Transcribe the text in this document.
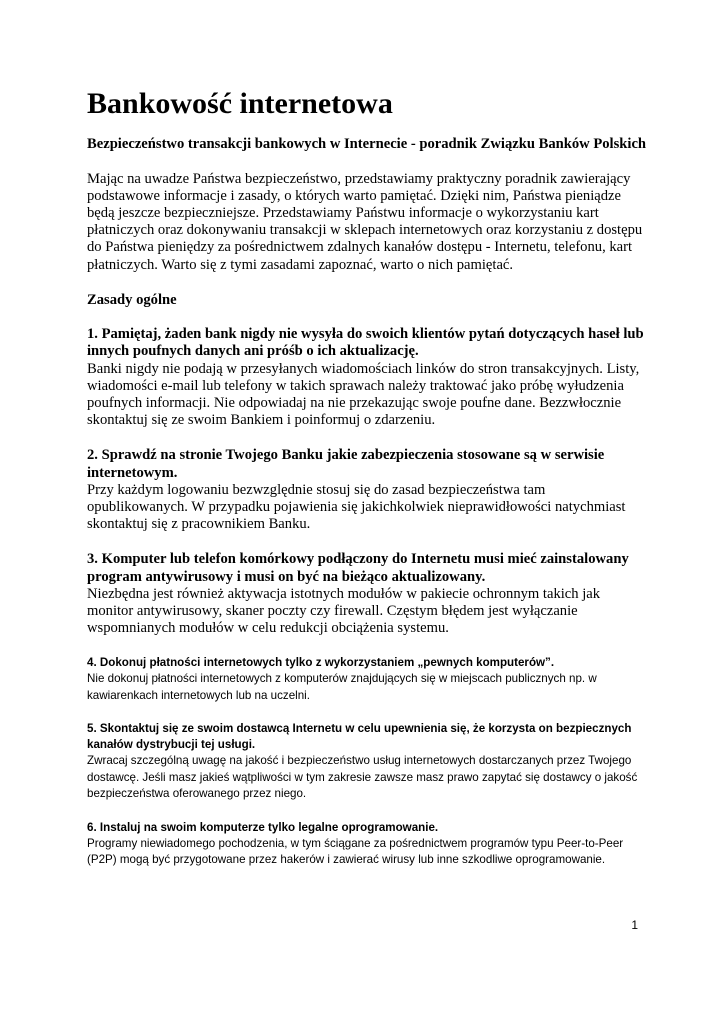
Bankowość internetowa
Bezpieczeństwo transakcji bankowych w Internecie - poradnik Związku Banków Polskich
Mając na uwadze Państwa bezpieczeństwo, przedstawiamy praktyczny poradnik zawierający podstawowe informacje i zasady, o których warto pamiętać. Dzięki nim, Państwa pieniądze będą jeszcze bezpieczniejsze. Przedstawiamy Państwu informacje o wykorzystaniu kart płatniczych oraz dokonywaniu transakcji w sklepach internetowych oraz korzystaniu z dostępu do Państwa pieniędzy za pośrednictwem zdalnych kanałów dostępu - Internetu, telefonu, kart płatniczych. Warto się z tymi zasadami zapoznać, warto o nich pamiętać.
Zasady ogólne
1. Pamiętaj, żaden bank nigdy nie wysyła do swoich klientów pytań dotyczących haseł lub innych poufnych danych ani próśb o ich aktualizację.
Banki nigdy nie podają w przesyłanych wiadomościach linków do stron transakcyjnych. Listy, wiadomości e-mail lub telefony w takich sprawach należy traktować jako próbę wyłudzenia poufnych informacji. Nie odpowiadaj na nie przekazując swoje poufne dane. Bezzwłocznie skontaktuj się ze swoim Bankiem i poinformuj o zdarzeniu.
2. Sprawdź na stronie Twojego Banku jakie zabezpieczenia stosowane są w serwisie internetowym.
Przy każdym logowaniu bezwzględnie stosuj się do zasad bezpieczeństwa tam opublikowanych. W przypadku pojawienia się jakichkolwiek nieprawidłowości natychmiast skontaktuj się z pracownikiem Banku.
3. Komputer lub telefon komórkowy podłączony do Internetu musi mieć zainstalowany program antywirusowy i musi on być na bieżąco aktualizowany.
Niezbędna jest również aktywacja istotnych modułów w pakiecie ochronnym takich jak monitor antywirusowy, skaner poczty czy firewall. Częstym błędem jest wyłączanie wspomnianych modułów w celu redukcji obciążenia systemu.
4. Dokonuj płatności internetowych tylko z wykorzystaniem „pewnych komputerów”.
Nie dokonuj płatności internetowych z komputerów znajdujących się w miejscach publicznych np. w kawiarenkach internetowych lub na uczelni.
5. Skontaktuj się ze swoim dostawcą Internetu w celu upewnienia się, że korzysta on bezpiecznych kanałów dystrybucji tej usługi.
Zwracaj szczególną uwagę na jakość i bezpieczeństwo usług internetowych dostarczanych przez Twojego dostawcę. Jeśli masz jakieś wątpliwości w tym zakresie zawsze masz prawo zapytać się dostawcy o jakość bezpieczeństwa oferowanego przez niego.
6. Instaluj na swoim komputerze tylko legalne oprogramowanie.
Programy niewiadomego pochodzenia, w tym ściągane za pośrednictwem programów typu Peer-to-Peer (P2P) mogą być przygotowane przez hakerów i zawierać wirusy lub inne szkodliwe oprogramowanie.
1
